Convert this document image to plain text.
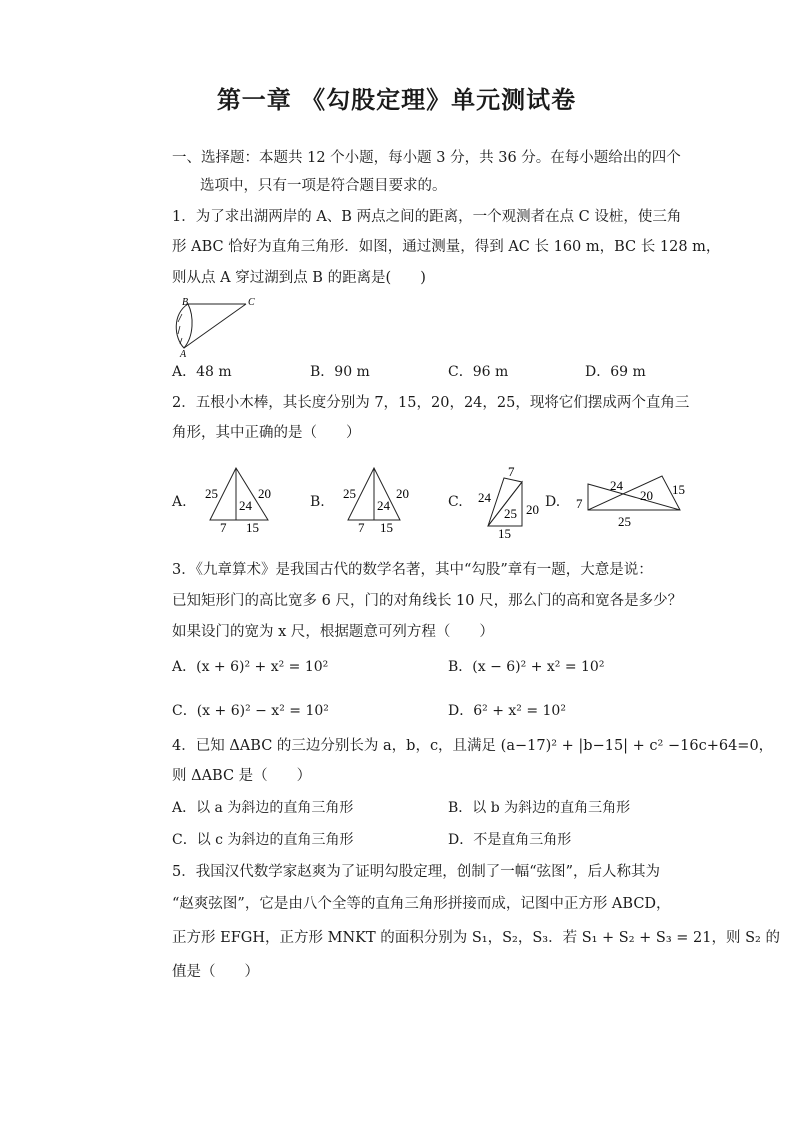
第一章 《勾股定理》单元测试卷
一、选择题：本题共 12 个小题，每小题 3 分，共 36 分。在每小题给出的四个
选项中，只有一项是符合题目要求的。
1．为了求出湖两岸的 A、B 两点之间的距离，一个观测者在点 C 设桩，使三角
形 ABC 恰好为直角三角形．如图，通过测量，得到 AC 长 160 m，BC 长 128 m，
则从点 A 穿过湖到点 B 的距离是(　　)
B	C
A
A．48 m	B．90 m	C．96 m	D．69 m
2．五根小木棒，其长度分别为 7，15，20，24，25，现将它们摆成两个直角三
角形，其中正确的是（　　）
A.
25	20
24
7 15
B.
25	20
24
7 15
C.
7
24
25 20
15
D. 7
24
20 15
25
3．《九章算术》是我国古代的数学名著，其中“勾股”章有一题，大意是说：
已知矩形门的高比宽多 6 尺，门的对角线长 10 尺，那么门的高和宽各是多少？
如果设门的宽为 x 尺，根据题意可列方程（　　）
A．(x + 6)² + x² = 10²	B．(x − 6)² + x² = 10²
C．(x + 6)² − x² = 10²	D．6² + x² = 10²
4．已知 ΔABC 的三边分别长为 a，b，c，且满足 (a−17)² + |b−15| + c² −16c+64=0，
则 ΔABC 是（　　）
A．以 a 为斜边的直角三角形	B．以 b 为斜边的直角三角形
C．以 c 为斜边的直角三角形	D．不是直角三角形
5．我国汉代数学家赵爽为了证明勾股定理，创制了一幅“弦图”，后人称其为
“赵爽弦图”，它是由八个全等的直角三角形拼接而成，记图中正方形 ABCD，
正方形 EFGH，正方形 MNKT 的面积分别为 S₁，S₂，S₃．若 S₁ + S₂ + S₃ = 21，则 S₂ 的
值是（　　）
